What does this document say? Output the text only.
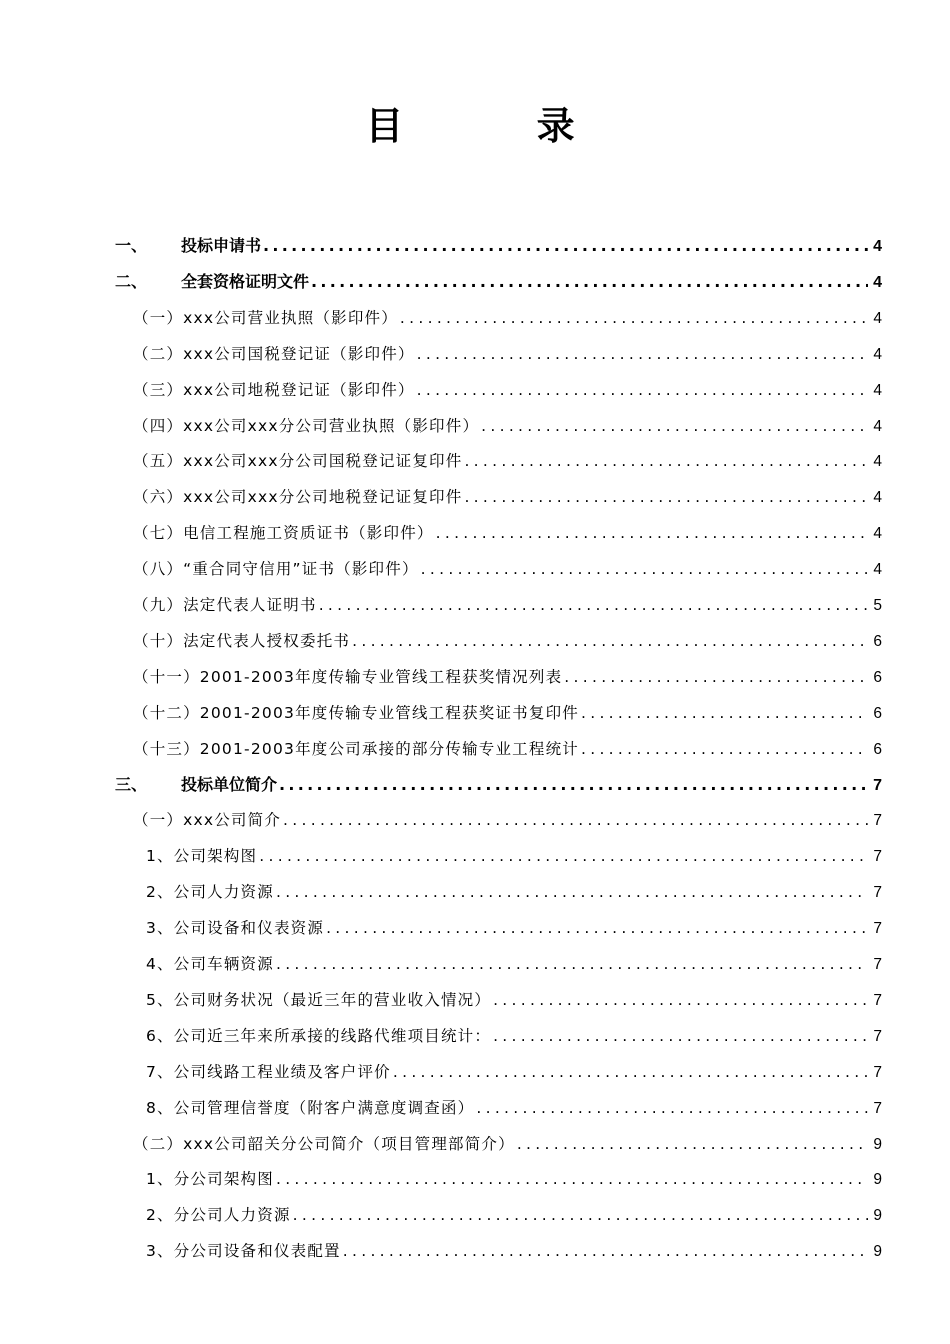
目 录
一、	投标申请书 .....	4
二、	全套资格证明文件 .....	4
（一）xxx公司营业执照（影印件） .....	4
（二）xxx公司国税登记证（影印件） .....	4
（三）xxx公司地税登记证（影印件） .....	4
（四）xxx公司xxx分公司营业执照（影印件） .....	4
（五）xxx公司xxx分公司国税登记证复印件 .....	4
（六）xxx公司xxx分公司地税登记证复印件 .....	4
（七）电信工程施工资质证书（影印件） .....	4
（八）“重合同守信用”证书（影印件） .....	4
（九）法定代表人证明书 .....	5
（十）法定代表人授权委托书 .....	6
（十一）2001-2003年度传输专业管线工程获奖情况列表 .....	6
（十二）2001-2003年度传输专业管线工程获奖证书复印件 .....	6
（十三）2001-2003年度公司承接的部分传输专业工程统计 .....	6
三、	投标单位简介 .....	7
（一）xxx公司简介 .....	7
1、公司架构图 .....	7
2、公司人力资源 .....	7
3、公司设备和仪表资源 .....	7
4、公司车辆资源 .....	7
5、公司财务状况（最近三年的营业收入情况） .....	7
6、公司近三年来所承接的线路代维项目统计： .....	7
7、公司线路工程业绩及客户评价 .....	7
8、公司管理信誉度（附客户满意度调查函） .....	7
（二）xxx公司韶关分公司简介（项目管理部简介） .....	9
1、分公司架构图 .....	9
2、分公司人力资源 .....	9
3、分公司设备和仪表配置 .....	9
